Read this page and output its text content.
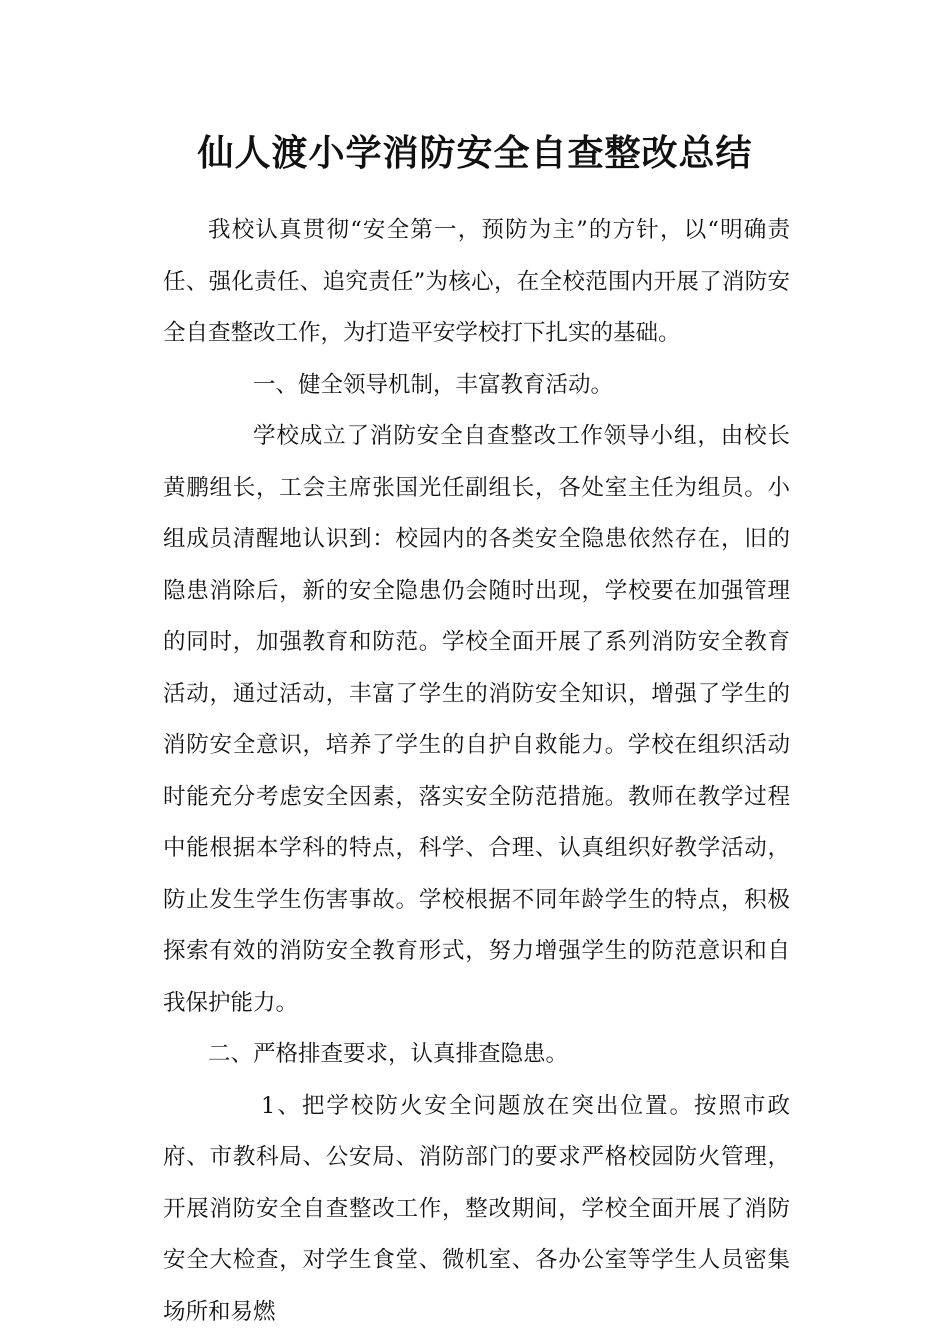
仙人渡小学消防安全自查整改总结

我校认真贯彻“安全第一，预防为主”的方针，以“明确责任、强化责任、追究责任”为核心，在全校范围内开展了消防安全自查整改工作，为打造平安学校打下扎实的基础。

一、健全领导机制，丰富教育活动。

学校成立了消防安全自查整改工作领导小组，由校长黄鹏组长，工会主席张国光任副组长，各处室主任为组员。小组成员清醒地认识到：校园内的各类安全隐患依然存在，旧的隐患消除后，新的安全隐患仍会随时出现，学校要在加强管理的同时，加强教育和防范。学校全面开展了系列消防安全教育活动，通过活动，丰富了学生的消防安全知识，增强了学生的消防安全意识，培养了学生的自护自救能力。学校在组织活动时能充分考虑安全因素，落实安全防范措施。教师在教学过程中能根据本学科的特点，科学、合理、认真组织好教学活动，防止发生学生伤害事故。学校根据不同年龄学生的特点，积极探索有效的消防安全教育形式，努力增强学生的防范意识和自我保护能力。

二、严格排查要求，认真排查隐患。

1、把学校防火安全问题放在突出位置。按照市政府、市教科局、公安局、消防部门的要求严格校园防火管理，开展消防安全自查整改工作，整改期间，学校全面开展了消防安全大检查，对学生食堂、微机室、各办公室等学生人员密集场所和易燃
